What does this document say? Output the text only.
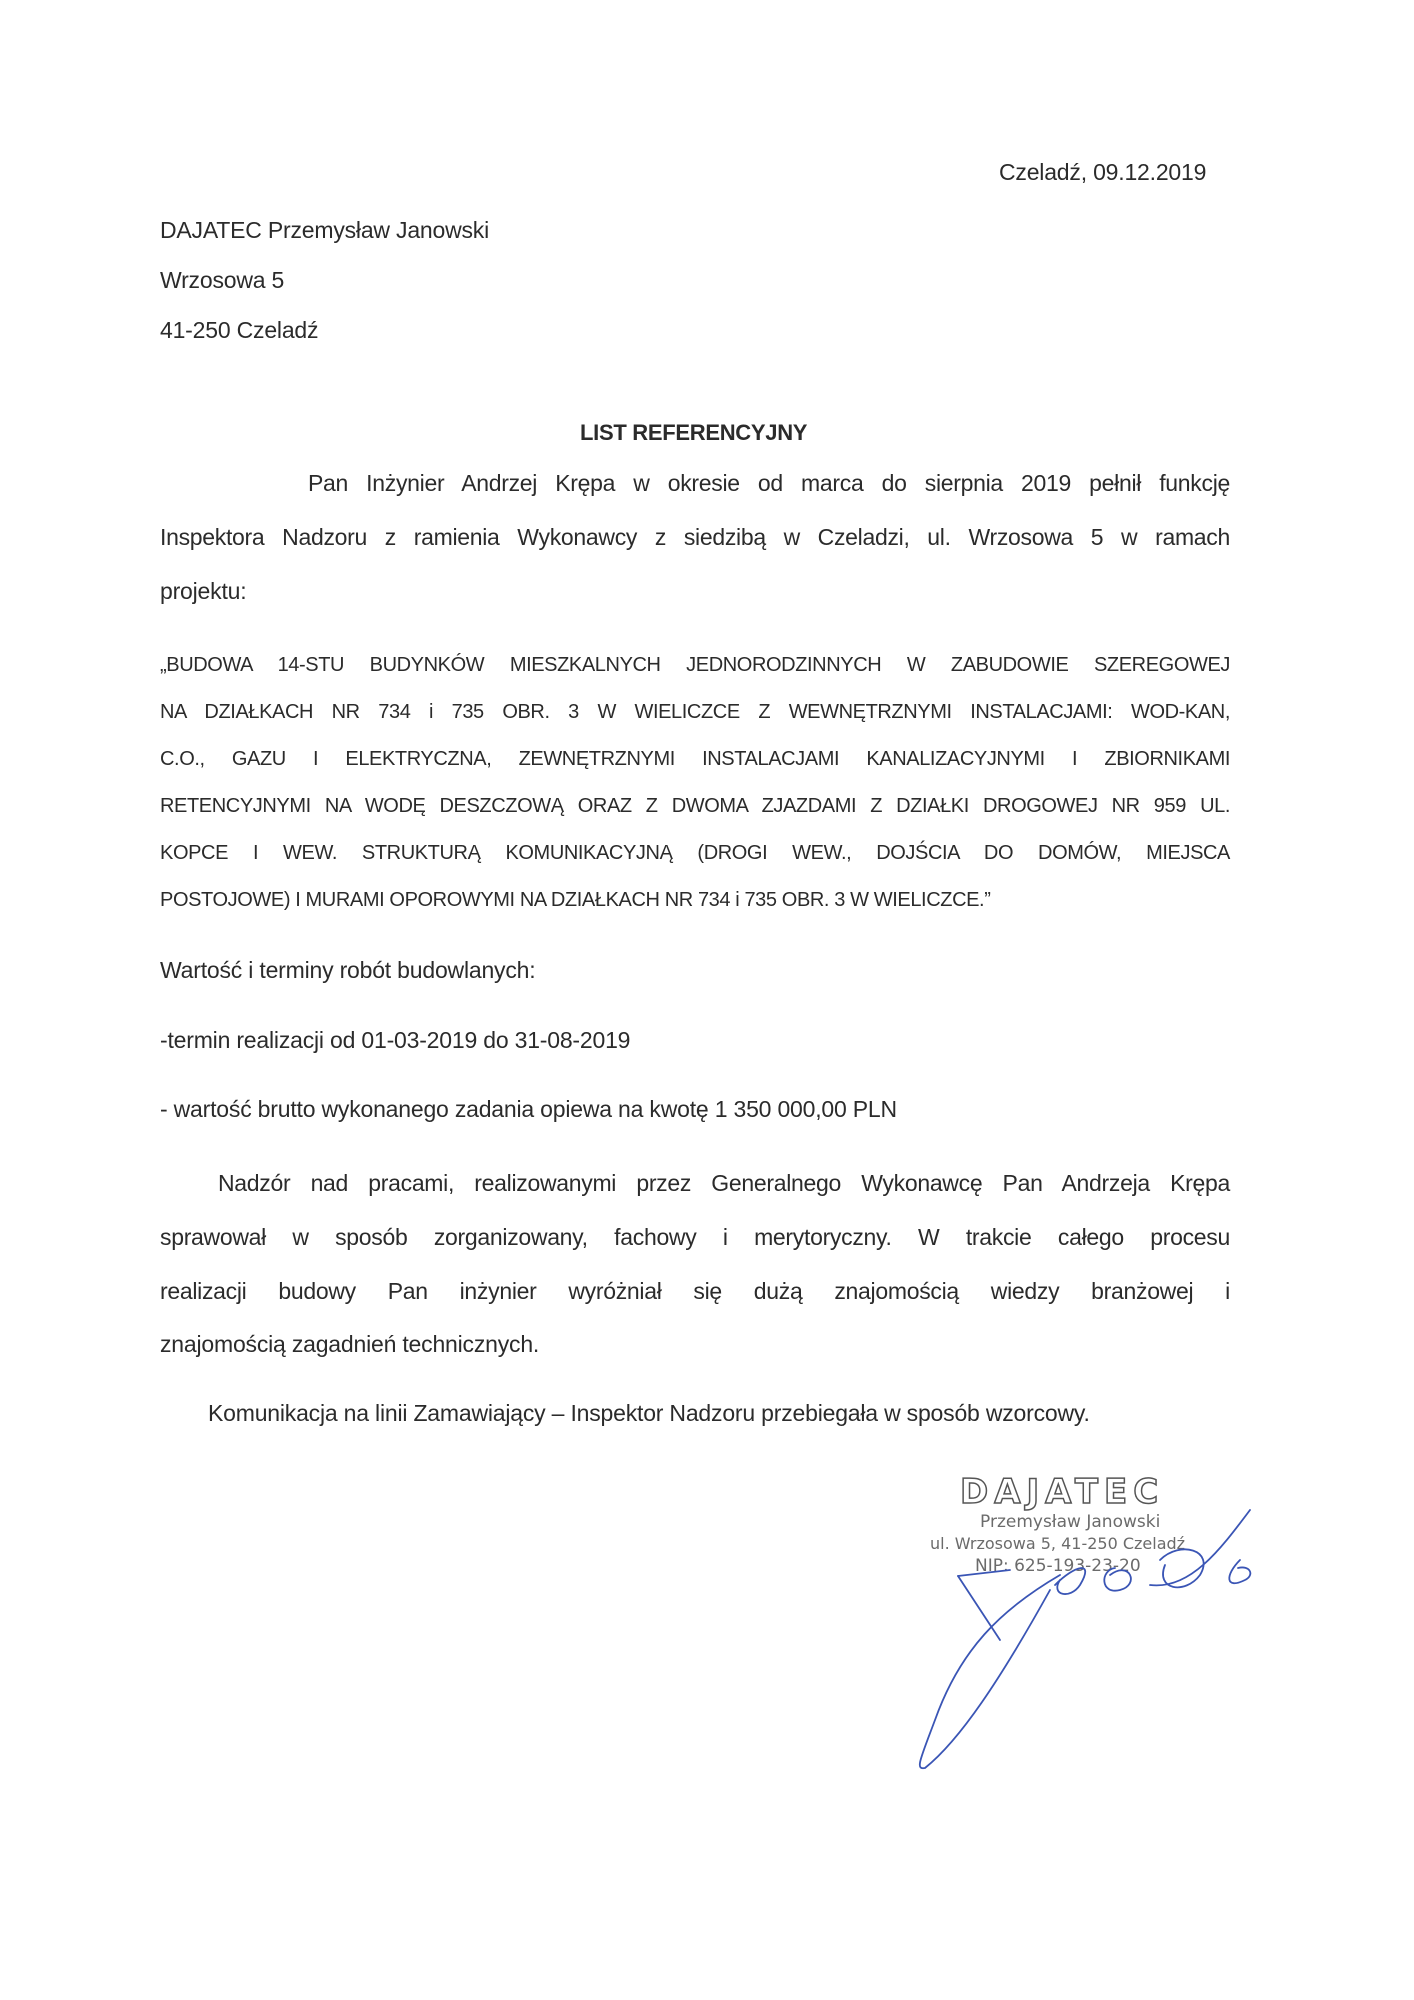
Czeladź, 09.12.2019
DAJATEC Przemysław Janowski
Wrzosowa 5
41-250 Czeladź
LIST REFERENCYJNY
Pan Inżynier Andrzej Krępa w okresie od marca do sierpnia 2019 pełnił funkcję
Inspektora Nadzoru z ramienia Wykonawcy z siedzibą w Czeladzi, ul. Wrzosowa 5 w ramach
projektu:
„BUDOWA 14-STU BUDYNKÓW MIESZKALNYCH JEDNORODZINNYCH W ZABUDOWIE SZEREGOWEJ
NA DZIAŁKACH NR 734 i 735 OBR. 3 W WIELICZCE Z WEWNĘTRZNYMI INSTALACJAMI: WOD-KAN,
C.O., GAZU I ELEKTRYCZNA, ZEWNĘTRZNYMI INSTALACJAMI KANALIZACYJNYMI I ZBIORNIKAMI
RETENCYJNYMI NA WODĘ DESZCZOWĄ ORAZ Z DWOMA ZJAZDAMI Z DZIAŁKI DROGOWEJ NR 959 UL.
KOPCE I WEW. STRUKTURĄ KOMUNIKACYJNĄ (DROGI WEW., DOJŚCIA DO DOMÓW, MIEJSCA
POSTOJOWE) I MURAMI OPOROWYMI NA DZIAŁKACH NR 734 i 735 OBR. 3 W WIELICZCE.”
Wartość i terminy robót budowlanych:
-termin realizacji od 01-03-2019 do 31-08-2019
- wartość brutto wykonanego zadania opiewa na kwotę 1 350 000,00 PLN
Nadzór nad pracami, realizowanymi przez Generalnego Wykonawcę Pan Andrzeja Krępa
sprawował w sposób zorganizowany, fachowy i merytoryczny. W trakcie całego procesu
realizacji budowy Pan inżynier wyróżniał się dużą znajomością wiedzy branżowej i
znajomością zagadnień technicznych.
Komunikacja na linii Zamawiający – Inspektor Nadzoru przebiegała w sposób wzorcowy.
DAJATEC
Przemysław Janowski
ul. Wrzosowa 5, 41-250 Czeladź
NIP: 625-193-23-20
